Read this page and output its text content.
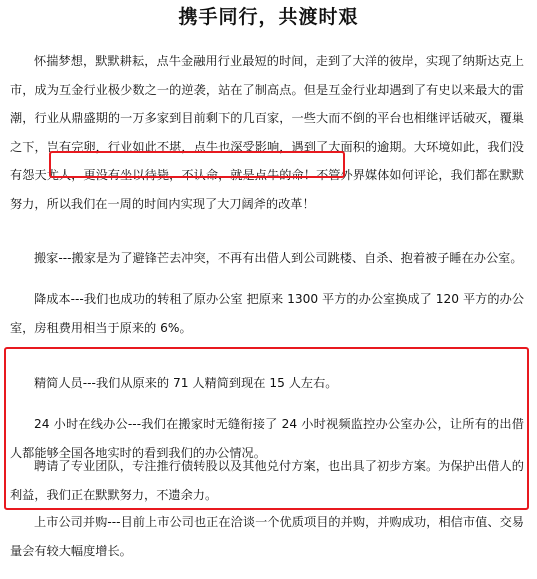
携手同行，共渡时艰

怀揣梦想，默默耕耘，点牛金融用行业最短的时间，走到了大洋的彼岸，实现了纳斯达克上市，成为互金行业极少数之一的逆袭，站在了制高点。但是互金行业却遇到了有史以来最大的雷潮，行业从鼎盛期的一万多家到目前剩下的几百家，一些大而不倒的平台也相继评话破灭，覆巢之下，岂有完卵，行业如此不堪，点牛也深受影响，遇到了大面积的逾期。大环境如此，我们没有怨天尤人，更没有坐以待毙，不认命，就是点牛的命！不管外界媒体如何评论，我们都在默默努力，所以我们在一周的时间内实现了大刀阔斧的改革！

搬家---搬家是为了避锋芒去冲突，不再有出借人到公司跳楼、自杀、抱着被子睡在办公室。

降成本---我们也成功的转租了原办公室 把原来 1300 平方的办公室换成了 120 平方的办公室，房租费用相当于原来的 6%。

精简人员---我们从原来的 71 人精简到现在 15 人左右。

24 小时在线办公---我们在搬家时无缝衔接了 24 小时视频监控办公室办公，让所有的出借人都能够全国各地实时的看到我们的办公情况。

聘请了专业团队，专注推行债转股以及其他兑付方案，也出具了初步方案。为保护出借人的利益，我们正在默默努力，不遗余力。

上市公司并购---目前上市公司也正在洽谈一个优质项目的并购，并购成功，相信市值、交易量会有较大幅度增长。
